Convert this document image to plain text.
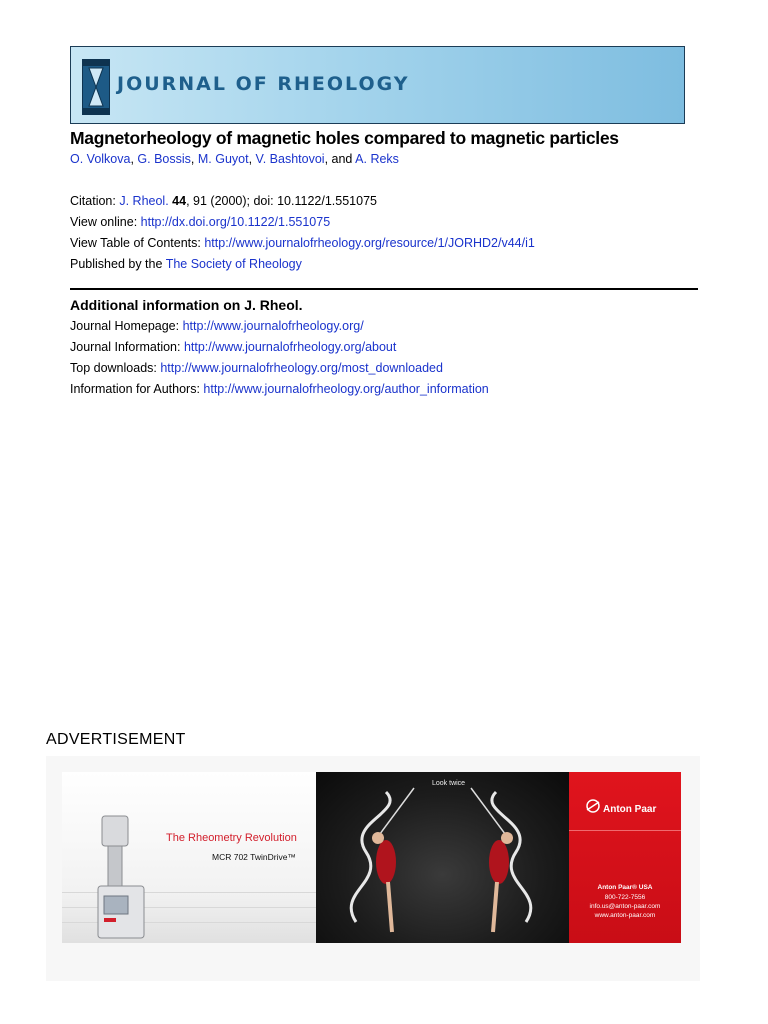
JOURNAL OF RHEOLOGY
Magnetorheology of magnetic holes compared to magnetic particles
O. Volkova, G. Bossis, M. Guyot, V. Bashtovoi, and A. Reks
Citation: J. Rheol. 44, 91 (2000); doi: 10.1122/1.551075
View online: http://dx.doi.org/10.1122/1.551075
View Table of Contents: http://www.journalofrheology.org/resource/1/JORHD2/v44/i1
Published by the The Society of Rheology
Additional information on J. Rheol.
Journal Homepage: http://www.journalofrheology.org/
Journal Information: http://www.journalofrheology.org/about
Top downloads: http://www.journalofrheology.org/most_downloaded
Information for Authors: http://www.journalofrheology.org/author_information
ADVERTISEMENT
The Rheometry Revolution
MCR 702 TwinDrive™
Look twice
Anton Paar
Anton Paar® USA
800-722-7556
info.us@anton-paar.com
www.anton-paar.com
